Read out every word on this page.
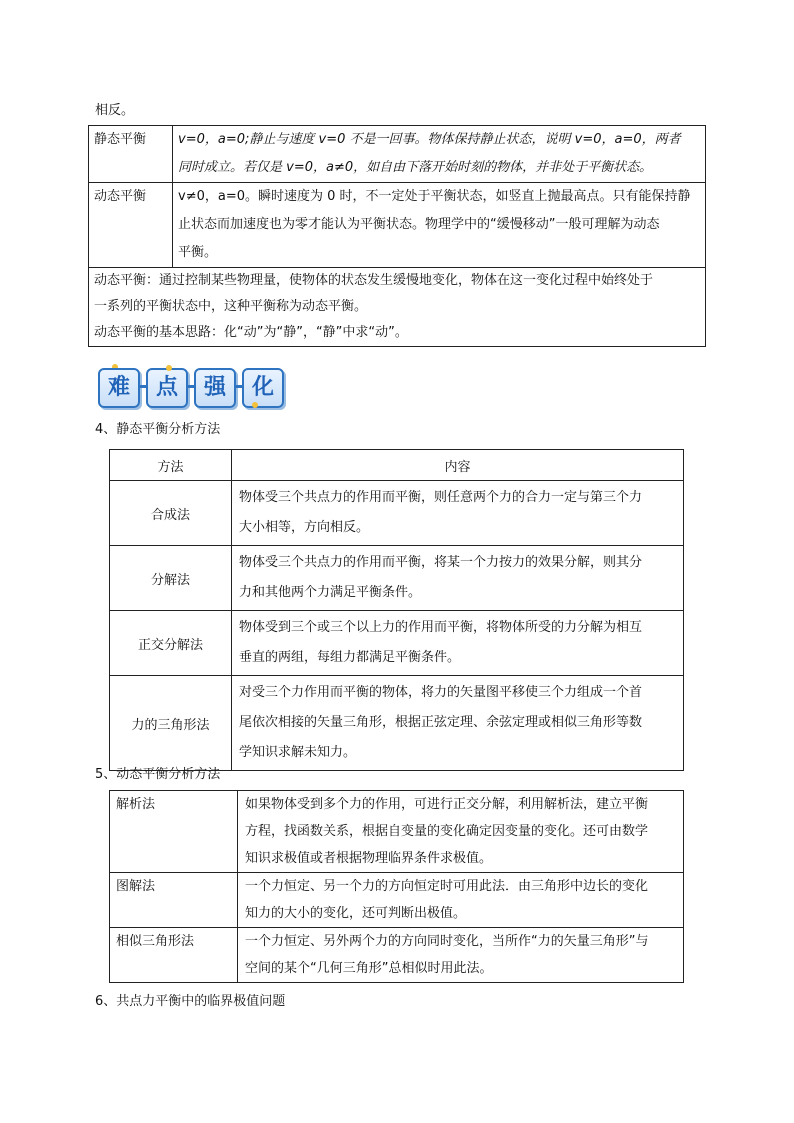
相反。
静态平衡	v=0，a=0;静止与速度 v=0 不是一回事。物体保持静止状态，说明 v=0，a=0，两者
同时成立。若仅是 v=0，a≠0，如自由下落开始时刻的物体，并非处于平衡状态。

动态平衡	v≠0，a=0。瞬时速度为 0 时，不一定处于平衡状态，如竖直上抛最高点。只有能保持静
止状态而加速度也为零才能认为平衡状态。物理学中的“缓慢移动”一般可理解为动态
平衡。

动态平衡：通过控制某些物理量，使物体的状态发生缓慢地变化，物体在这一变化过程中始终处于
一系列的平衡状态中，这种平衡称为动态平衡。
动态平衡的基本思路：化“动”为“静”，“静”中求“动”。	
难	点	强	化
4、静态平衡分析方法
方法	内容
合成法	物体受三个共点力的作用而平衡，则任意两个力的合力一定与第三个力
大小相等，方向相反。

分解法	物体受三个共点力的作用而平衡，将某一个力按力的效果分解，则其分
力和其他两个力满足平衡条件。

正交分解法	物体受到三个或三个以上力的作用而平衡，将物体所受的力分解为相互
垂直的两组，每组力都满足平衡条件。

力的三角形法	对受三个力作用而平衡的物体，将力的矢量图平移使三个力组成一个首
尾依次相接的矢量三角形，根据正弦定理、余弦定理或相似三角形等数
学知识求解未知力。
5、动态平衡分析方法
解析法	如果物体受到多个力的作用，可进行正交分解，利用解析法，建立平衡
方程，找函数关系，根据自变量的变化确定因变量的变化。还可由数学
知识求极值或者根据物理临界条件求极值。

图解法	一个力恒定、另一个力的方向恒定时可用此法．由三角形中边长的变化
知力的大小的变化，还可判断出极值。

相似三角形法	一个力恒定、另外两个力的方向同时变化，当所作“力的矢量三角形”与
空间的某个“几何三角形”总相似时用此法。
6、共点力平衡中的临界极值问题
